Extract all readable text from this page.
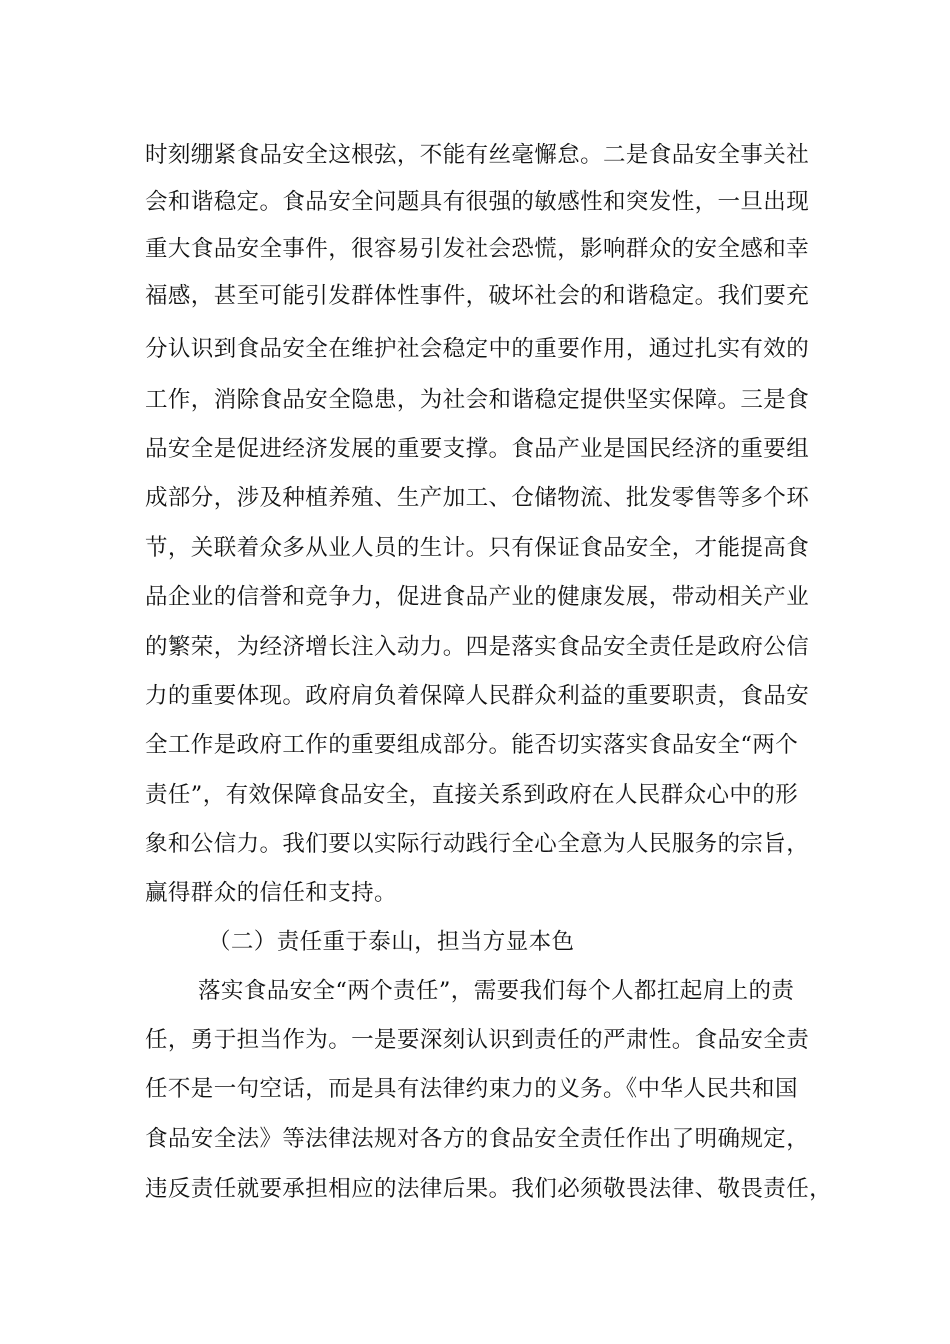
时刻绷紧食品安全这根弦，不能有丝毫懈怠。二是食品安全事关社
会和谐稳定。食品安全问题具有很强的敏感性和突发性，一旦出现
重大食品安全事件，很容易引发社会恐慌，影响群众的安全感和幸
福感，甚至可能引发群体性事件，破坏社会的和谐稳定。我们要充
分认识到食品安全在维护社会稳定中的重要作用，通过扎实有效的
工作，消除食品安全隐患，为社会和谐稳定提供坚实保障。三是食
品安全是促进经济发展的重要支撑。食品产业是国民经济的重要组
成部分，涉及种植养殖、生产加工、仓储物流、批发零售等多个环
节，关联着众多从业人员的生计。只有保证食品安全，才能提高食
品企业的信誉和竞争力，促进食品产业的健康发展，带动相关产业
的繁荣，为经济增长注入动力。四是落实食品安全责任是政府公信
力的重要体现。政府肩负着保障人民群众利益的重要职责，食品安
全工作是政府工作的重要组成部分。能否切实落实食品安全“两个
责任”，有效保障食品安全，直接关系到政府在人民群众心中的形
象和公信力。我们要以实际行动践行全心全意为人民服务的宗旨，
赢得群众的信任和支持。
（二）责任重于泰山，担当方显本色
落实食品安全“两个责任”，需要我们每个人都扛起肩上的责
任，勇于担当作为。一是要深刻认识到责任的严肃性。食品安全责
任不是一句空话，而是具有法律约束力的义务。《中华人民共和国
食品安全法》等法律法规对各方的食品安全责任作出了明确规定，
违反责任就要承担相应的法律后果。我们必须敬畏法律、敬畏责任，
